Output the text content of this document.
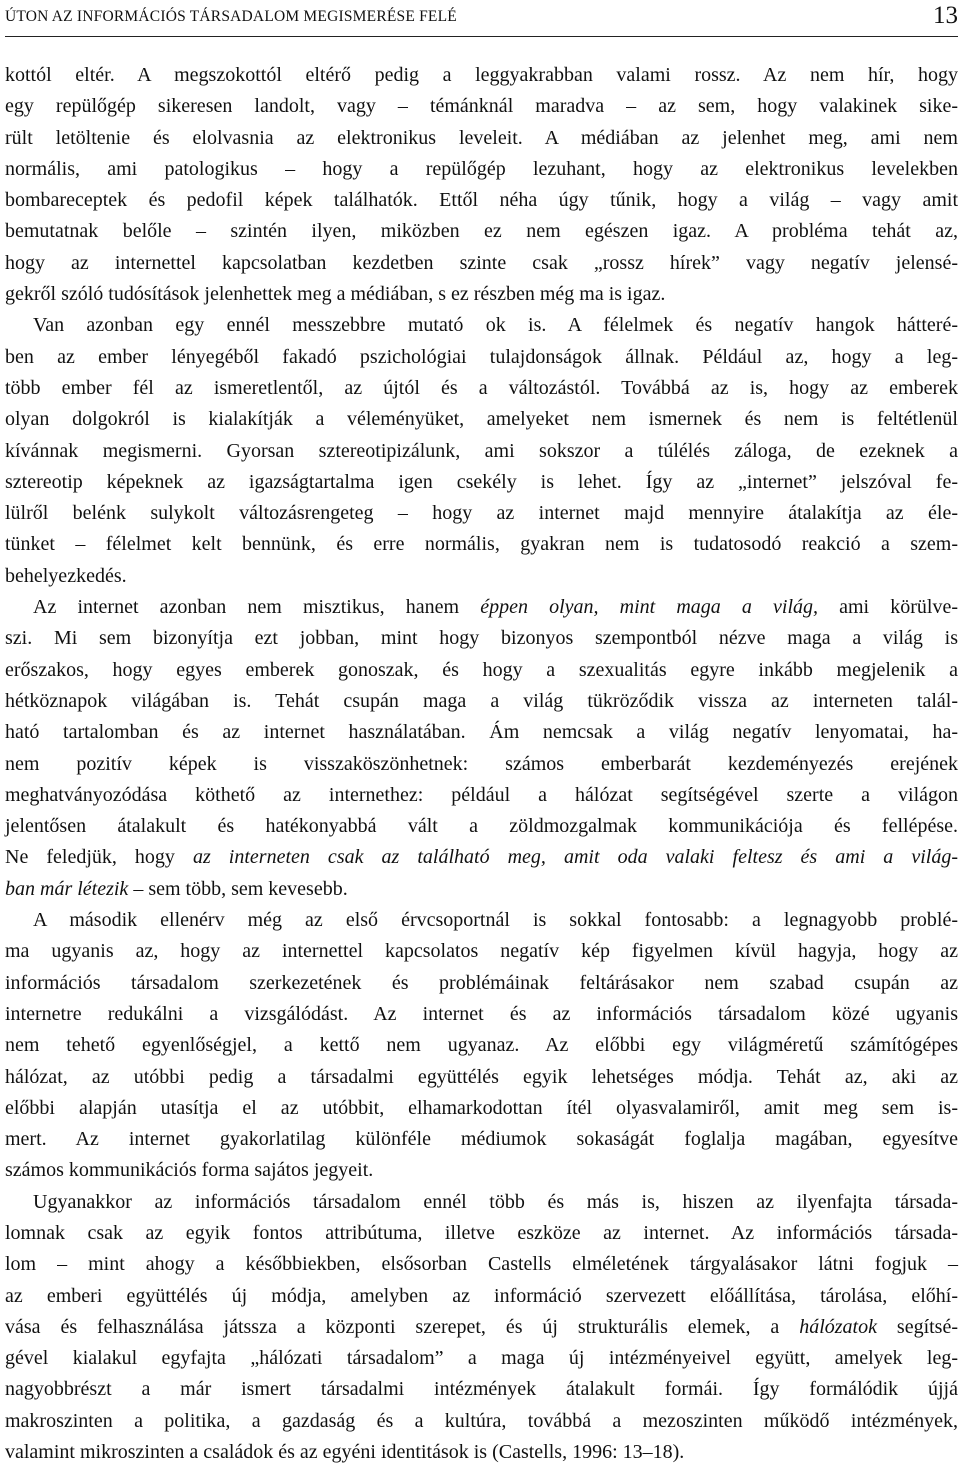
ÚTON AZ INFORMÁCIÓS TÁRSADALOM MEGISMERÉSE FELÉ	13
kottól eltér. A megszokottól eltérő pedig a leggyakrabban valami rossz. Az nem hír, hogy
egy repülőgép sikeresen landolt, vagy – témánknál maradva – az sem, hogy valakinek sike-
rült letöltenie és elolvasnia az elektronikus leveleit. A médiában az jelenhet meg, ami nem
normális, ami patologikus – hogy a repülőgép lezuhant, hogy az elektronikus levelekben
bombareceptek és pedofil képek találhatók. Ettől néha úgy tűnik, hogy a világ – vagy amit
bemutatnak belőle – szintén ilyen, miközben ez nem egészen igaz. A probléma tehát az,
hogy az internettel kapcsolatban kezdetben szinte csak „rossz hírek” vagy negatív jelensé-
gekről szóló tudósítások jelenhettek meg a médiában, s ez részben még ma is igaz.
Van azonban egy ennél messzebbre mutató ok is. A félelmek és negatív hangok hátteré-
ben az ember lényegéből fakadó pszichológiai tulajdonságok állnak. Például az, hogy a leg-
több ember fél az ismeretlentől, az újtól és a változástól. Továbbá az is, hogy az emberek
olyan dolgokról is kialakítják a véleményüket, amelyeket nem ismernek és nem is feltétlenül
kívánnak megismerni. Gyorsan sztereotipizálunk, ami sokszor a túlélés záloga, de ezeknek a
sztereotip képeknek az igazságtartalma igen csekély is lehet. Így az „internet” jelszóval fe-
lülről belénk sulykolt változásrengeteg – hogy az internet majd mennyire átalakítja az éle-
tünket – félelmet kelt bennünk, és erre normális, gyakran nem is tudatosodó reakció a szem-
behelyezkedés.
Az internet azonban nem misztikus, hanem éppen olyan, mint maga a világ, ami körülve-
szi. Mi sem bizonyítja ezt jobban, mint hogy bizonyos szempontból nézve maga a világ is
erőszakos, hogy egyes emberek gonoszak, és hogy a szexualitás egyre inkább megjelenik a
hétköznapok világában is. Tehát csupán maga a világ tükröződik vissza az interneten talál-
ható tartalomban és az internet használatában. Ám nemcsak a világ negatív lenyomatai, ha-
nem pozitív képek is visszaköszönhetnek: számos emberbarát kezdeményezés erejének
meghatványozódása köthető az internethez: például a hálózat segítségével szerte a világon
jelentősen átalakult és hatékonyabbá vált a zöldmozgalmak kommunikációja és fellépése.
Ne feledjük, hogy az interneten csak az található meg, amit oda valaki feltesz és ami a világ-
ban már létezik – sem több, sem kevesebb.
A második ellenérv még az első érvcsoportnál is sokkal fontosabb: a legnagyobb problé-
ma ugyanis az, hogy az internettel kapcsolatos negatív kép figyelmen kívül hagyja, hogy az
információs társadalom szerkezetének és problémáinak feltárásakor nem szabad csupán az
internetre redukálni a vizsgálódást. Az internet és az információs társadalom közé ugyanis
nem tehető egyenlőségjel, a kettő nem ugyanaz. Az előbbi egy világméretű számítógépes
hálózat, az utóbbi pedig a társadalmi együttélés egyik lehetséges módja. Tehát az, aki az
előbbi alapján utasítja el az utóbbit, elhamarkodottan ítél olyasvalamiről, amit meg sem is-
mert. Az internet gyakorlatilag különféle médiumok sokaságát foglalja magában, egyesítve
számos kommunikációs forma sajátos jegyeit.
Ugyanakkor az információs társadalom ennél több és más is, hiszen az ilyenfajta társada-
lomnak csak az egyik fontos attribútuma, illetve eszköze az internet. Az információs társada-
lom – mint ahogy a későbbiekben, elsősorban Castells elméletének tárgyalásakor látni fogjuk –
az emberi együttélés új módja, amelyben az információ szervezett előállítása, tárolása, előhí-
vása és felhasználása játssza a központi szerepet, és új strukturális elemek, a hálózatok segítsé-
gével kialakul egyfajta „hálózati társadalom” a maga új intézményeivel együtt, amelyek leg-
nagyobbrészt a már ismert társadalmi intézmények átalakult formái. Így formálódik újjá
makroszinten a politika, a gazdaság és a kultúra, továbbá a mezoszinten működő intézmények,
valamint mikroszinten a családok és az egyéni identitások is (Castells, 1996: 13–18).
